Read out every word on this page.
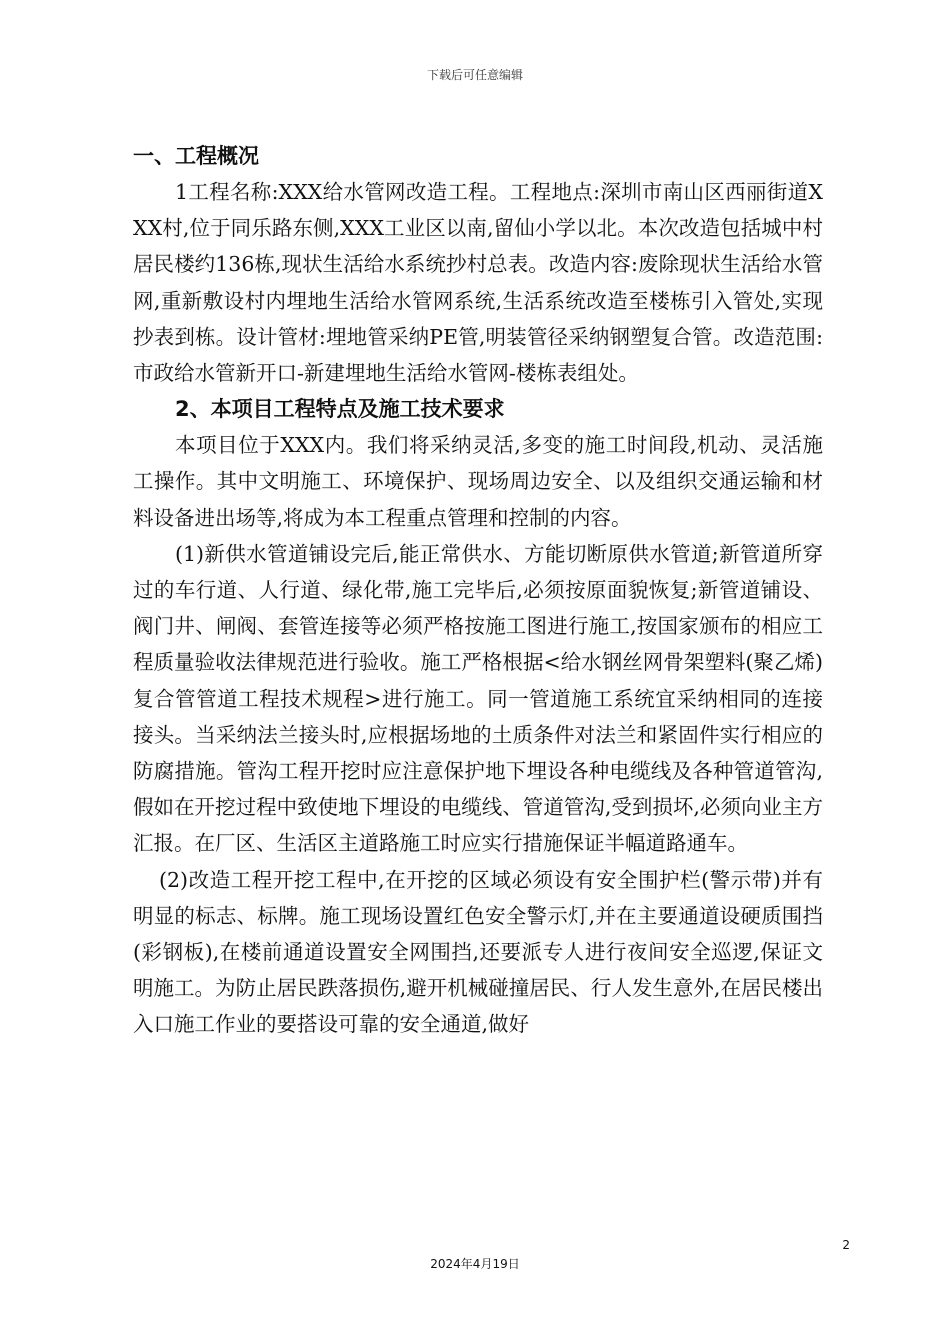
下载后可任意编辑

一、工程概况

1工程名称:XXX给水管网改造工程。工程地点:深圳市南山区西丽街道XXX村,位于同乐路东侧,XXX工业区以南,留仙小学以北。本次改造包括城中村居民楼约136栋,现状生活给水系统抄村总表。改造内容:废除现状生活给水管网,重新敷设村内埋地生活给水管网系统,生活系统改造至楼栋引入管处,实现抄表到栋。设计管材:埋地管采纳PE管,明装管径采纳钢塑复合管。改造范围:市政给水管新开口-新建埋地生活给水管网-楼栋表组处。

2、本项目工程特点及施工技术要求

本项目位于XXX内。我们将采纳灵活,多变的施工时间段,机动、灵活施工操作。其中文明施工、环境保护、现场周边安全、以及组织交通运输和材料设备进出场等,将成为本工程重点管理和控制的内容。

(1)新供水管道铺设完后,能正常供水、方能切断原供水管道;新管道所穿过的车行道、人行道、绿化带,施工完毕后,必须按原面貌恢复;新管道铺设、阀门井、闸阀、套管连接等必须严格按施工图进行施工,按国家颁布的相应工程质量验收法律规范进行验收。施工严格根据<给水钢丝网骨架塑料(聚乙烯)复合管管道工程技术规程>进行施工。同一管道施工系统宜采纳相同的连接接头。当采纳法兰接头时,应根据场地的土质条件对法兰和紧固件实行相应的防腐措施。管沟工程开挖时应注意保护地下埋设各种电缆线及各种管道管沟,假如在开挖过程中致使地下埋设的电缆线、管道管沟,受到损坏,必须向业主方汇报。在厂区、生活区主道路施工时应实行措施保证半幅道路通车。

(2)改造工程开挖工程中,在开挖的区域必须设有安全围护栏(警示带)并有明显的标志、标牌。施工现场设置红色安全警示灯,并在主要通道设硬质围挡(彩钢板),在楼前通道设置安全网围挡,还要派专人进行夜间安全巡逻,保证文明施工。为防止居民跌落损伤,避开机械碰撞居民、行人发生意外,在居民楼出入口施工作业的要搭设可靠的安全通道,做好

2
2024年4月19日
